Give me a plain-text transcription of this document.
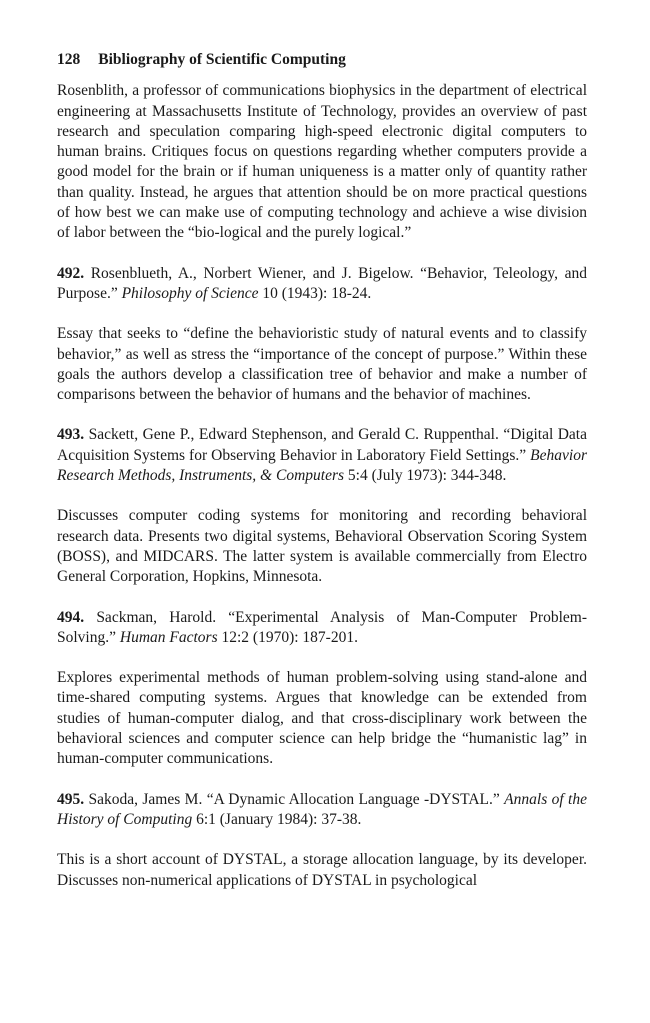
128 Bibliography of Scientific Computing

Rosenblith, a professor of communications biophysics in the department of electrical engineering at Massachusetts Institute of Technology, provides an overview of past research and speculation comparing high-speed electronic digital computers to human brains. Critiques focus on questions regarding whether computers provide a good model for the brain or if human uniqueness is a matter only of quantity rather than quality. Instead, he argues that attention should be on more practical questions of how best we can make use of computing technology and achieve a wise division of labor between the “bio-logical and the purely logical.”

492. Rosenblueth, A., Norbert Wiener, and J. Bigelow. “Behavior, Teleology, and Purpose.” Philosophy of Science 10 (1943): 18-24.

Essay that seeks to “define the behavioristic study of natural events and to classify behavior,” as well as stress the “importance of the concept of purpose.” Within these goals the authors develop a classification tree of behavior and make a number of comparisons between the behavior of humans and the behavior of machines.

493. Sackett, Gene P., Edward Stephenson, and Gerald C. Ruppenthal. “Digital Data Acquisition Systems for Observing Behavior in Laboratory Field Settings.” Behavior Research Methods, Instruments, & Computers 5:4 (July 1973): 344-348.

Discusses computer coding systems for monitoring and recording behavioral research data. Presents two digital systems, Behavioral Observation Scoring System (BOSS), and MIDCARS. The latter system is available commercially from Electro General Corporation, Hopkins, Minnesota.

494. Sackman, Harold. “Experimental Analysis of Man-Computer Problem-Solving.” Human Factors 12:2 (1970): 187-201.

Explores experimental methods of human problem-solving using stand-alone and time-shared computing systems. Argues that knowledge can be extended from studies of human-computer dialog, and that cross-disciplinary work between the behavioral sciences and computer science can help bridge the “humanistic lag” in human-computer communications.

495. Sakoda, James M. “A Dynamic Allocation Language -DYSTAL.” Annals of the History of Computing 6:1 (January 1984): 37-38.

This is a short account of DYSTAL, a storage allocation language, by its developer. Discusses non-numerical applications of DYSTAL in psychological
